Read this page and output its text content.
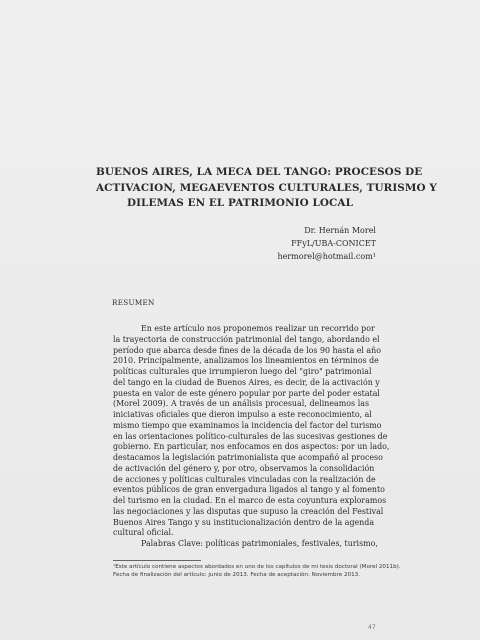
BUENOS AIRES, LA MECA DEL TANGO: PROCESOS DE
ACTIVACION, MEGAEVENTOS CULTURALES, TURISMO Y
DILEMAS EN EL PATRIMONIO LOCAL
Dr. Hernán Morel
FFyL/UBA-CONICET
hermorel@hotmail.com¹
RESUMEN
En este artículo nos proponemos realizar un recorrido por
la trayectoria de construcción patrimonial del tango, abordando el
período que abarca desde fines de la década de los 90 hasta el año
2010. Principalmente, analizamos los lineamientos en términos de
políticas culturales que irrumpieron luego del "giro" patrimonial
del tango en la ciudad de Buenos Aires, es decir, de la activación y
puesta en valor de este género popular por parte del poder estatal
(Morel 2009). A través de un análisis procesual, delineamos las
iniciativas oficiales que dieron impulso a este reconocimiento, al
mismo tiempo que examinamos la incidencia del factor del turismo
en las orientaciones político-culturales de las sucesivas gestiones de
gobierno. En particular, nos enfocamos en dos aspectos: por un lado,
destacamos la legislación patrimonialista que acompañó al proceso
de activación del género y, por otro, observamos la consolidación
de acciones y políticas culturales vinculadas con la realización de
eventos públicos de gran envergadura ligados al tango y al fomento
del turismo en la ciudad. En el marco de esta coyuntura exploramos
las negociaciones y las disputas que supuso la creación del Festival
Buenos Aires Tango y su institucionalización dentro de la agenda
cultural oficial.
Palabras Clave: políticas patrimoniales, festivales, turismo,
¹Este artículo contiene aspectos abordados en uno de los capítulos de mi tesis doctoral (Morel 2011b).
Fecha de finalización del artículo: junio de 2013. Fecha de aceptación: Noviembre 2013.
47
